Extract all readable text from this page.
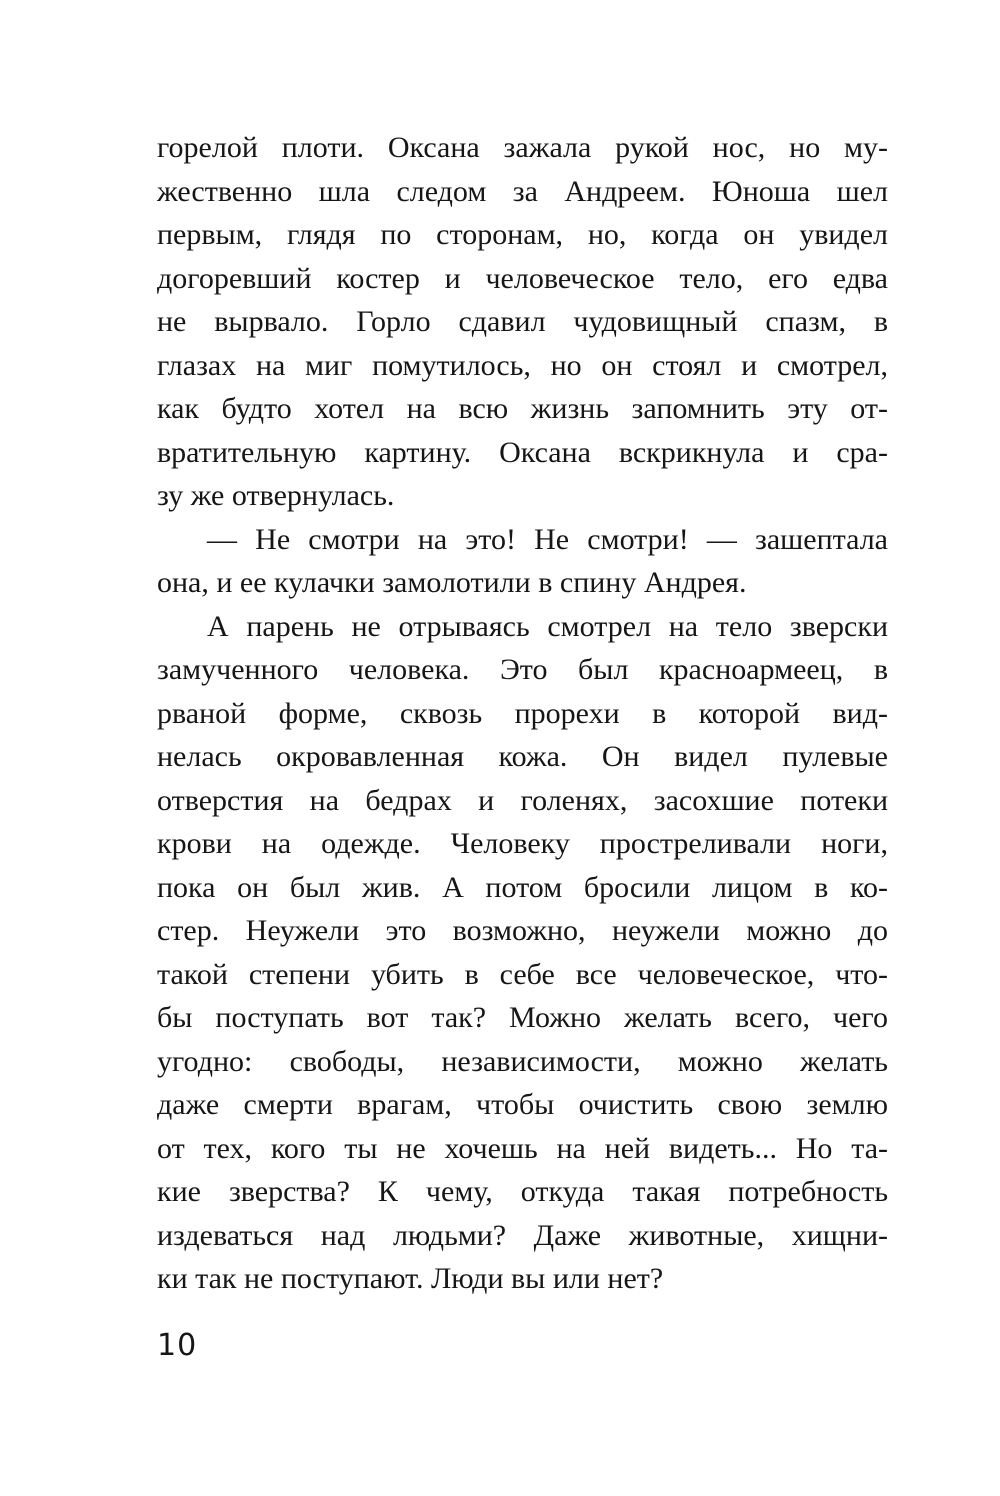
горелой плоти. Оксана зажала рукой нос, но му-
жественно шла следом за Андреем. Юноша шел
первым, глядя по сторонам, но, когда он увидел
догоревший костер и человеческое тело, его едва
не вырвало. Горло сдавил чудовищный спазм, в
глазах на миг помутилось, но он стоял и смотрел,
как будто хотел на всю жизнь запомнить эту от-
вратительную картину. Оксана вскрикнула и сра-
зу же отвернулась.
— Не смотри на это! Не смотри! — зашептала
она, и ее кулачки замолотили в спину Андрея.
А парень не отрываясь смотрел на тело зверски
замученного человека. Это был красноармеец, в
рваной форме, сквозь прорехи в которой вид-
нелась окровавленная кожа. Он видел пулевые
отверстия на бедрах и голенях, засохшие потеки
крови на одежде. Человеку простреливали ноги,
пока он был жив. А потом бросили лицом в ко-
стер. Неужели это возможно, неужели можно до
такой степени убить в себе все человеческое, что-
бы поступать вот так? Можно желать всего, чего
угодно: свободы, независимости, можно желать
даже смерти врагам, чтобы очистить свою землю
от тех, кого ты не хочешь на ней видеть... Но та-
кие зверства? К чему, откуда такая потребность
издеваться над людьми? Даже животные, хищни-
ки так не поступают. Люди вы или нет?
10
